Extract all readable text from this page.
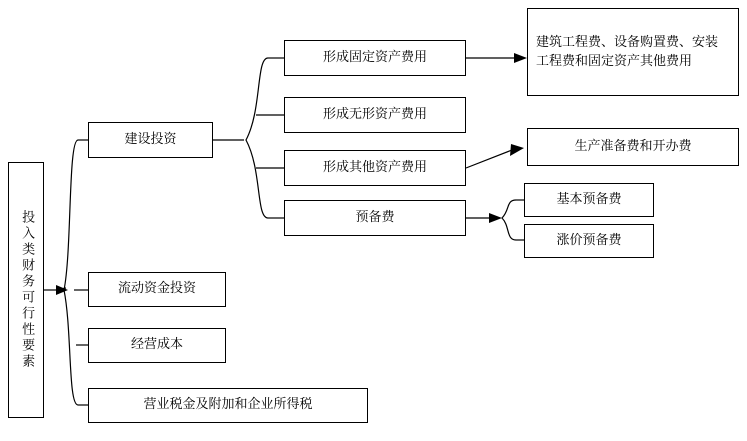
投入类财务可行性要素
建设投资
流动资金投资
经营成本
营业税金及附加和企业所得税
形成固定资产费用
形成无形资产费用
形成其他资产费用
预备费
建筑工程费、设备购置费、安装工程费和固定资产其他费用
生产准备费和开办费
基本预备费
涨价预备费
